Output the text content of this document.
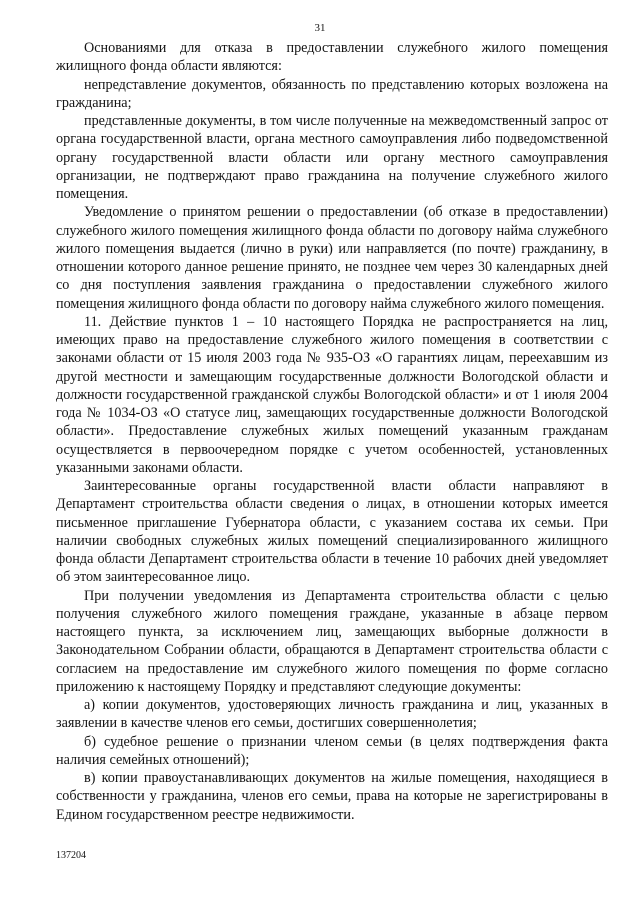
31

Основаниями для отказа в предоставлении служебного жилого помещения жилищного фонда области являются:

непредставление документов, обязанность по представлению которых возложена на гражданина;

представленные документы, в том числе полученные на межведомственный запрос от органа государственной власти, органа местного самоуправления либо подведомственной органу государственной власти области или органу местного самоуправления организации, не подтверждают право гражданина на получение служебного жилого помещения.

Уведомление о принятом решении о предоставлении (об отказе в предоставлении) служебного жилого помещения жилищного фонда области по договору найма служебного жилого помещения выдается (лично в руки) или направляется (по почте) гражданину, в отношении которого данное решение принято, не позднее чем через 30 календарных дней со дня поступления заявления гражданина о предоставлении служебного жилого помещения жилищного фонда области по договору найма служебного жилого помещения.

11. Действие пунктов 1 – 10 настоящего Порядка не распространяется на лиц, имеющих право на предоставление служебного жилого помещения в соответствии с законами области от 15 июля 2003 года № 935-ОЗ «О гарантиях лицам, переехавшим из другой местности и замещающим государственные должности Вологодской области и должности государственной гражданской службы Вологодской области» и от 1 июля 2004 года № 1034-ОЗ «О статусе лиц, замещающих государственные должности Вологодской области». Предоставление служебных жилых помещений указанным гражданам осуществляется в первоочередном порядке с учетом особенностей, установленных указанными законами области.

Заинтересованные органы государственной власти области направляют в Департамент строительства области сведения о лицах, в отношении которых имеется письменное приглашение Губернатора области, с указанием состава их семьи. При наличии свободных служебных жилых помещений специализированного жилищного фонда области Департамент строительства области в течение 10 рабочих дней уведомляет об этом заинтересованное лицо.

При получении уведомления из Департамента строительства области с целью получения служебного жилого помещения граждане, указанные в абзаце первом настоящего пункта, за исключением лиц, замещающих выборные должности в Законодательном Собрании области, обращаются в Департамент строительства области с согласием на предоставление им служебного жилого помещения по форме согласно приложению к настоящему Порядку и представляют следующие документы:

а) копии документов, удостоверяющих личность гражданина и лиц, указанных в заявлении в качестве членов его семьи, достигших совершеннолетия;

б) судебное решение о признании членом семьи (в целях подтверждения факта наличия семейных отношений);

в) копии правоустанавливающих документов на жилые помещения, находящиеся в собственности у гражданина, членов его семьи, права на которые не зарегистрированы в Едином государственном реестре недвижимости.

137204
